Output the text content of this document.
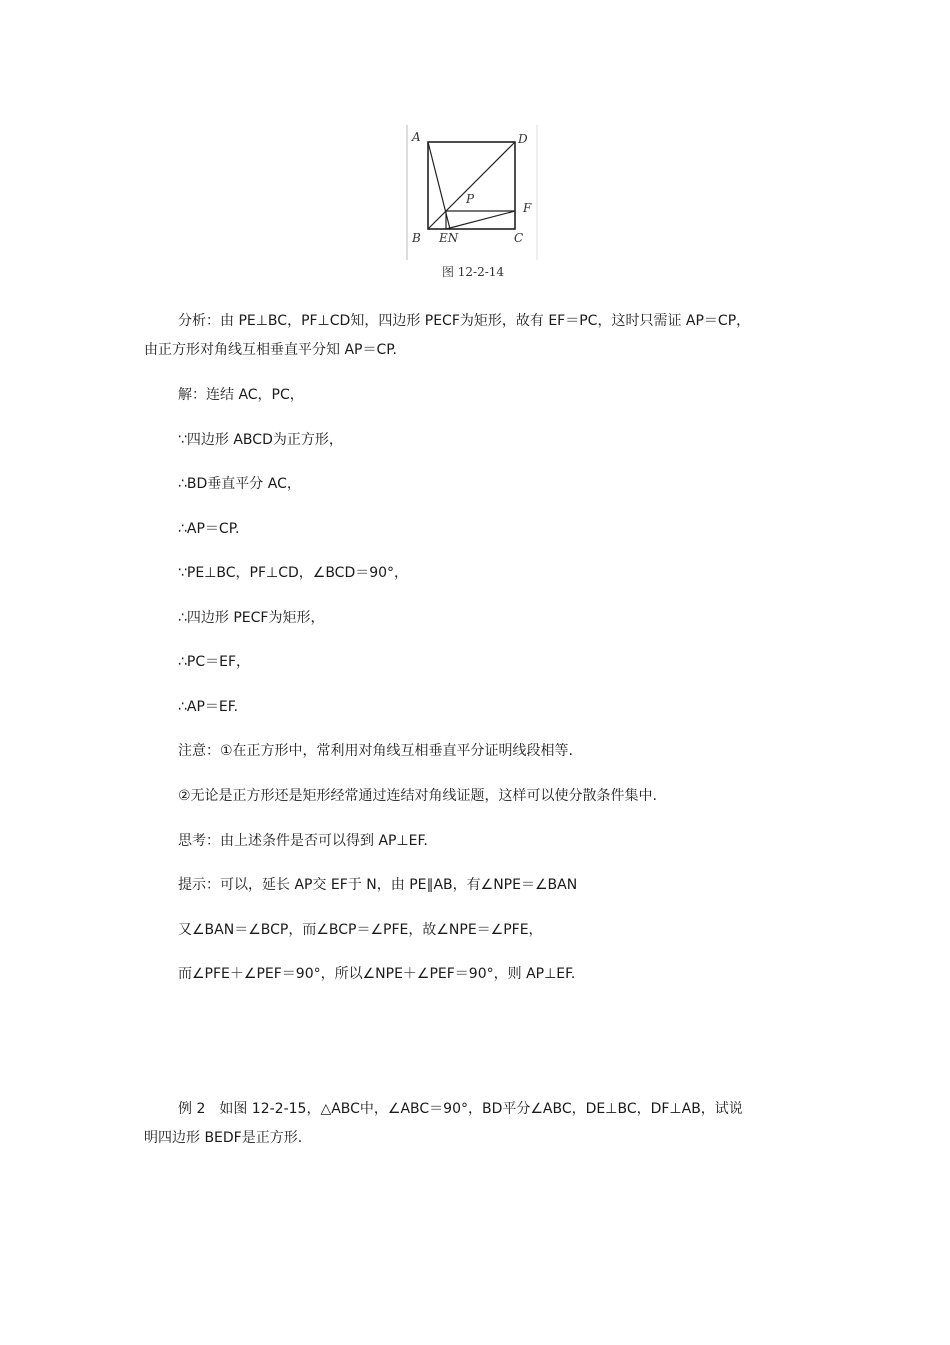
A	D
P
F
B EN	C
图 12-2-14
分析：由 PE⊥BC，PF⊥CD知，四边形 PECF为矩形，故有 EF＝PC，这时只需证 AP＝CP，
由正方形对角线互相垂直平分知 AP＝CP.
解：连结 AC，PC，
∵四边形 ABCD为正方形，
∴BD垂直平分 AC，
∴AP＝CP.
∵PE⊥BC，PF⊥CD，∠BCD＝90°，
∴四边形 PECF为矩形，
∴PC＝EF，
∴AP＝EF.
注意：①在正方形中，常利用对角线互相垂直平分证明线段相等.
②无论是正方形还是矩形经常通过连结对角线证题，这样可以使分散条件集中.
思考：由上述条件是否可以得到 AP⊥EF.
提示：可以，延长 AP交 EF于 N，由 PE∥AB，有∠NPE＝∠BAN
又∠BAN＝∠BCP，而∠BCP＝∠PFE，故∠NPE＝∠PFE，
而∠PFE＋∠PEF＝90°，所以∠NPE＋∠PEF＝90°，则 AP⊥EF.
例 2　如图 12-2-15，△ABC中，∠ABC＝90°，BD平分∠ABC，DE⊥BC，DF⊥AB，试说
明四边形 BEDF是正方形.
